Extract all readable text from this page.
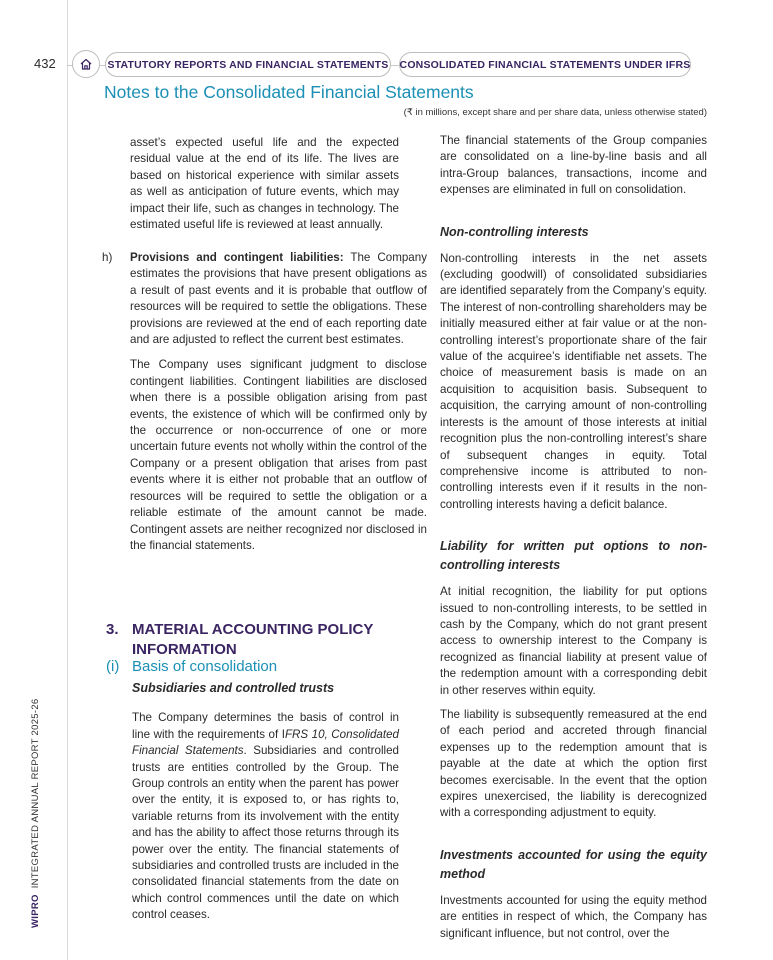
432	STATUTORY REPORTS AND FINANCIAL STATEMENTS CONSOLIDATED FINANCIAL STATEMENTS UNDER IFRS
Notes to the Consolidated Financial Statements
(₹ in millions, except share and per share data, unless otherwise stated)
WIPROINTEGRATED ANNUAL REPORT 2025-26

asset’s expected useful life and the expected residual value at the end of its life. The lives are based on historical experience with similar assets as well as anticipation of future events, which may impact their life, such as changes in technology. The estimated useful life is reviewed at least annually.

h) Provisions and contingent liabilities: The Company estimates the provisions that have present obligations as a result of past events and it is probable that outflow of resources will be required to settle the obligations. These provisions are reviewed at the end of each reporting date and are adjusted to reflect the current best estimates.

The Company uses significant judgment to disclose contingent liabilities. Contingent liabilities are disclosed when there is a possible obligation arising from past events, the existence of which will be confirmed only by the occurrence or non-occurrence of one or more uncertain future events not wholly within the control of the Company or a present obligation that arises from past events where it is either not probable that an outflow of resources will be required to settle the obligation or a reliable estimate of the amount cannot be made. Contingent assets are neither recognized nor disclosed in the financial statements.

3. MATERIAL ACCOUNTING POLICY INFORMATION
(i) Basis of consolidation
Subsidiaries and controlled trusts

The Company determines the basis of control in line with the requirements of IFRS 10, Consolidated Financial Statements. Subsidiaries and controlled trusts are entities controlled by the Group. The Group controls an entity when the parent has power over the entity, it is exposed to, or has rights to, variable returns from its involvement with the entity and has the ability to affect those returns through its power over the entity. The financial statements of subsidiaries and controlled trusts are included in the consolidated financial statements from the date on which control commences until the date on which control ceases.

The financial statements of the Group companies are consolidated on a line-by-line basis and all intra-Group balances, transactions, income and expenses are eliminated in full on consolidation.

Non-controlling interests

Non-controlling interests in the net assets (excluding goodwill) of consolidated subsidiaries are identified separately from the Company’s equity. The interest of non-controlling shareholders may be initially measured either at fair value or at the non-controlling interest’s proportionate share of the fair value of the acquiree’s identifiable net assets. The choice of measurement basis is made on an acquisition to acquisition basis. Subsequent to acquisition, the carrying amount of non-controlling interests is the amount of those interests at initial recognition plus the non-controlling interest’s share of subsequent changes in equity. Total comprehensive income is attributed to non-controlling interests even if it results in the non-controlling interests having a deficit balance.

Liability for written put options to non-controlling interests

At initial recognition, the liability for put options issued to non-controlling interests, to be settled in cash by the Company, which do not grant present access to ownership interest to the Company is recognized as financial liability at present value of the redemption amount with a corresponding debit in other reserves within equity.

The liability is subsequently remeasured at the end of each period and accreted through financial expenses up to the redemption amount that is payable at the date at which the option first becomes exercisable. In the event that the option expires unexercised, the liability is derecognized with a corresponding adjustment to equity.

Investments accounted for using the equity method

Investments accounted for using the equity method are entities in respect of which, the Company has significant influence, but not control, over the
